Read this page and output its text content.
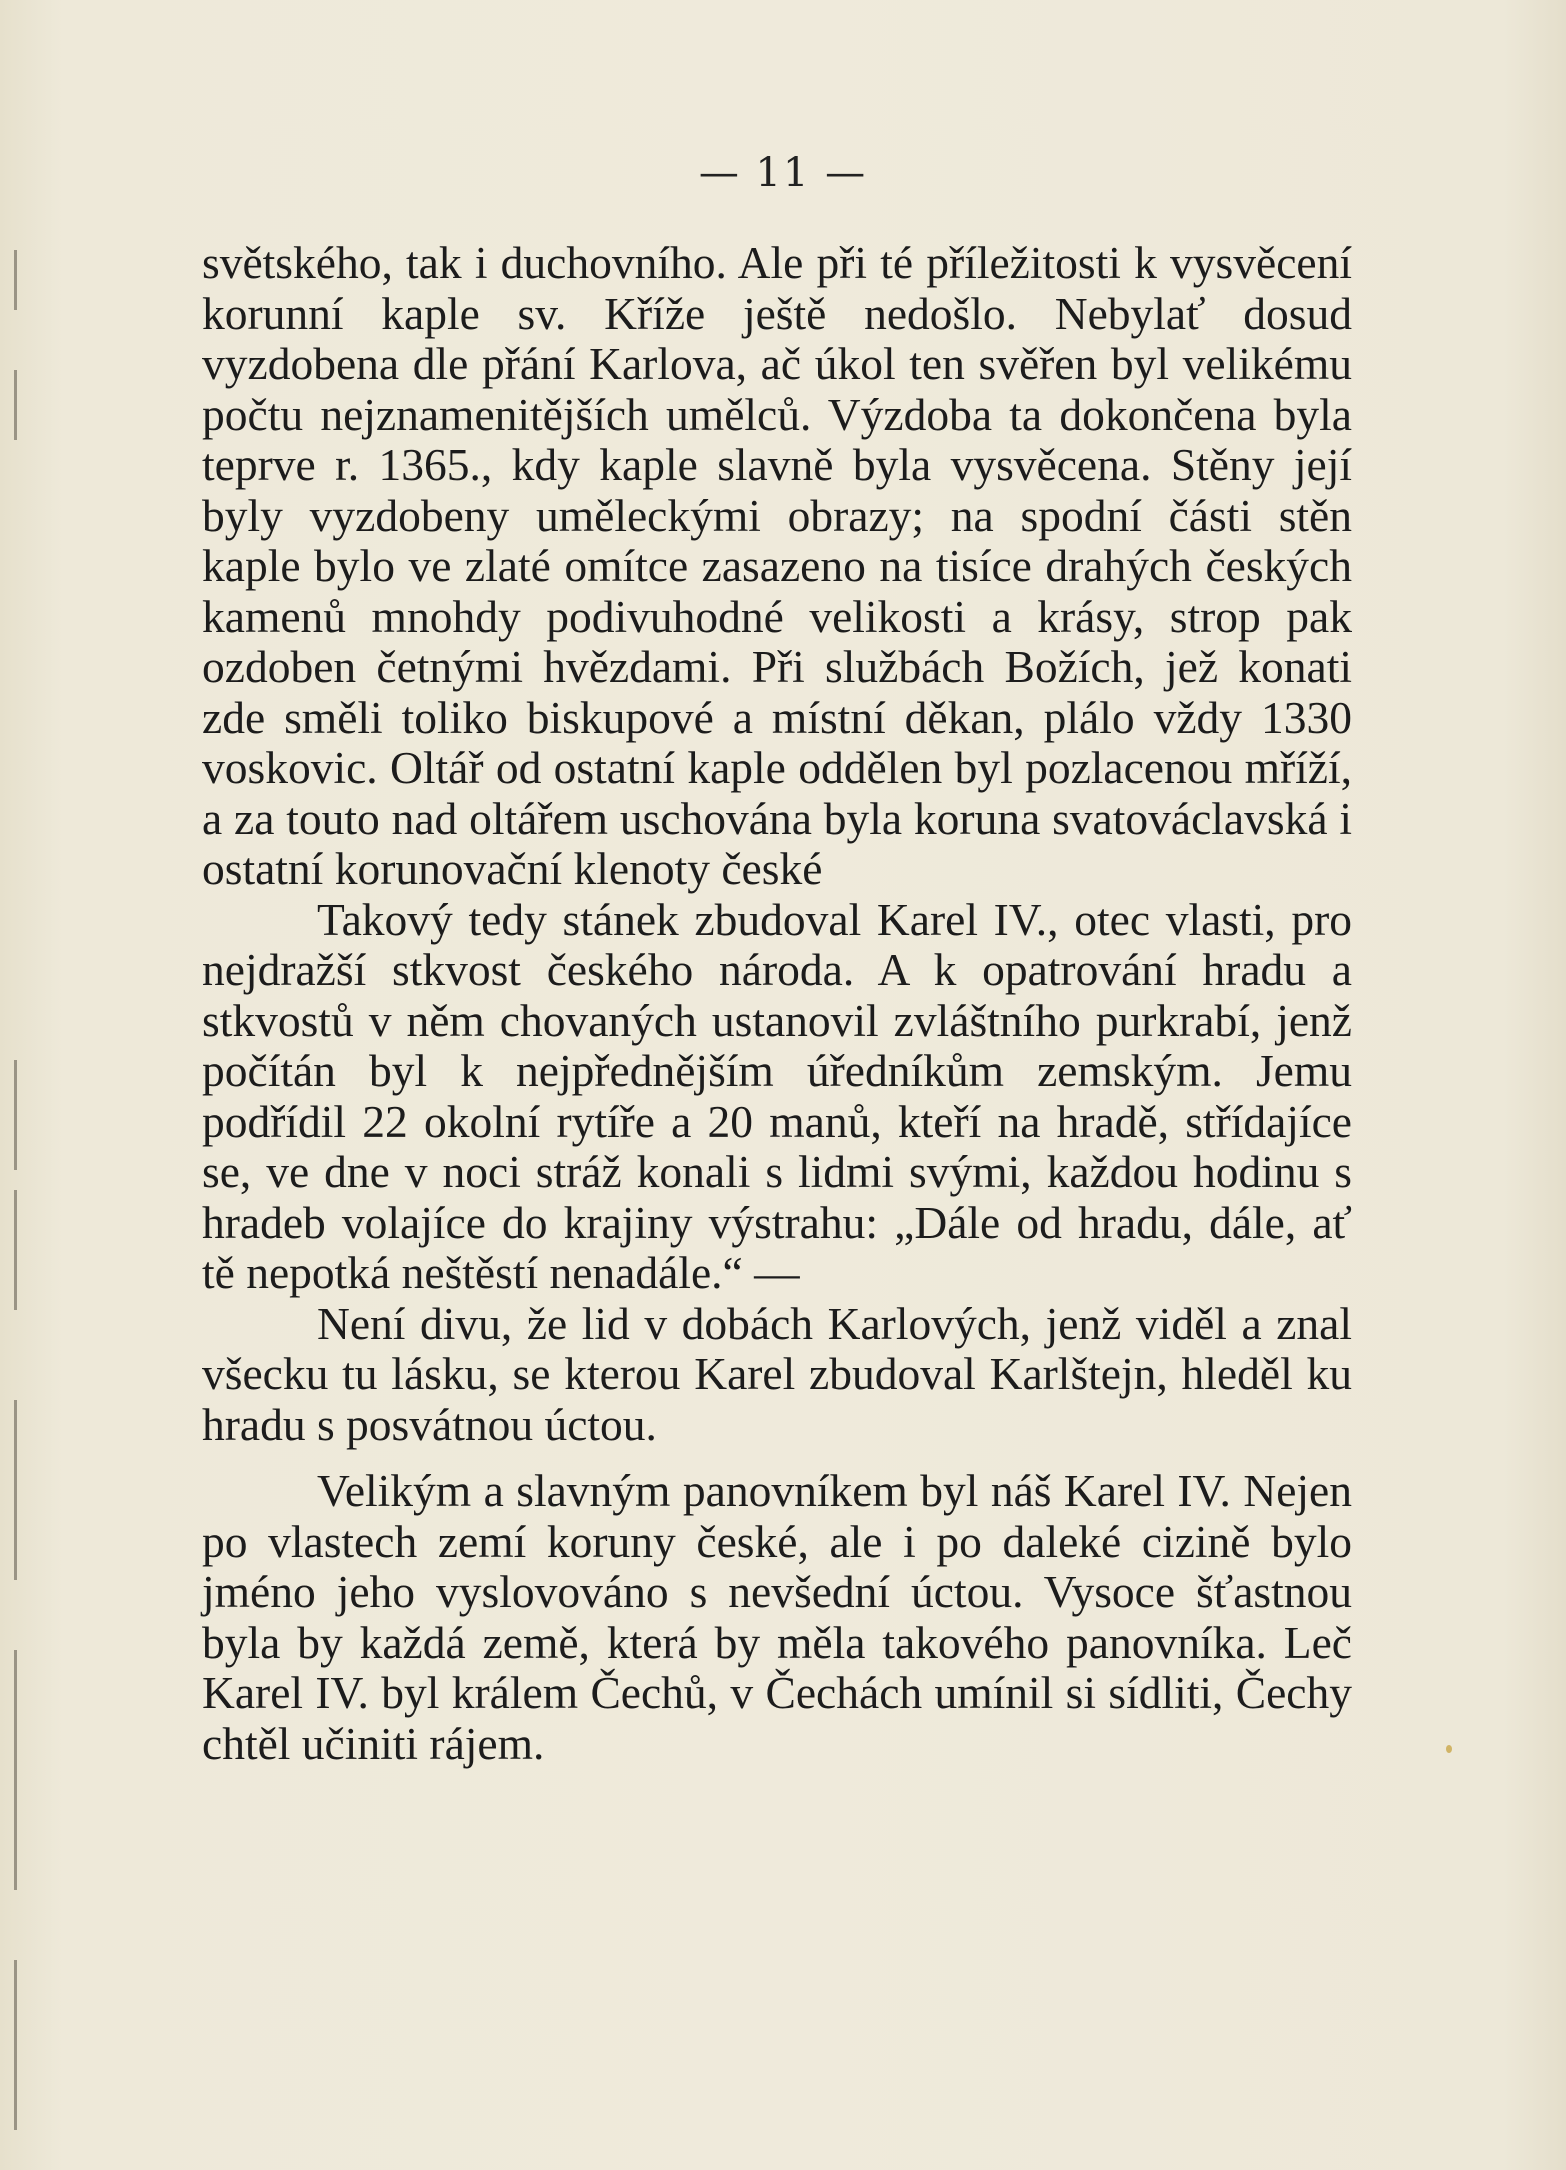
— 11 —

světského, tak i duchovního. Ale při té příležitosti k vysvěcení korunní kaple sv. Kříže ještě nedošlo. Nebylať dosud vyzdobena dle přání Karlova, ač úkol ten svěřen byl velikému počtu nejznamenitějších umělců. Výzdoba ta dokončena byla teprve r. 1365., kdy kaple slavně byla vysvěcena. Stěny její byly vyzdobeny uměleckými obrazy; na spodní části stěn kaple bylo ve zlaté omítce zasazeno na tisíce drahých českých kamenů mnohdy podivuhodné velikosti a krásy, strop pak ozdoben četnými hvězdami. Při službách Božích, jež konati zde směli toliko biskupové a místní děkan, plálo vždy 1330 voskovic. Oltář od ostatní kaple oddělen byl pozlacenou mříží, a za touto nad oltářem uschována byla koruna svatováclavská i ostatní korunovační klenoty české

Takový tedy stánek zbudoval Karel IV., otec vlasti, pro nejdražší stkvost českého národa. A k opatrování hradu a stkvostů v něm chovaných ustanovil zvláštního purkrabí, jenž počítán byl k nejpřednějším úředníkům zemským. Jemu podřídil 22 okolní rytíře a 20 manů, kteří na hradě, střídajíce se, ve dne v noci stráž konali s lidmi svými, každou hodinu s hradeb volajíce do krajiny výstrahu: „Dále od hradu, dále, ať tě nepotká neštěstí nenadále.“ —

Není divu, že lid v dobách Karlových, jenž viděl a znal všecku tu lásku, se kterou Karel zbudoval Karlštejn, hleděl ku hradu s posvátnou úctou.

Velikým a slavným panovníkem byl náš Karel IV. Nejen po vlastech zemí koruny české, ale i po daleké cizině bylo jméno jeho vyslovováno s nevšední úctou. Vysoce šťastnou byla by každá země, která by měla takového panovníka. Leč Karel IV. byl králem Čechů, v Čechách umínil si sídliti, Čechy chtěl učiniti rájem.
